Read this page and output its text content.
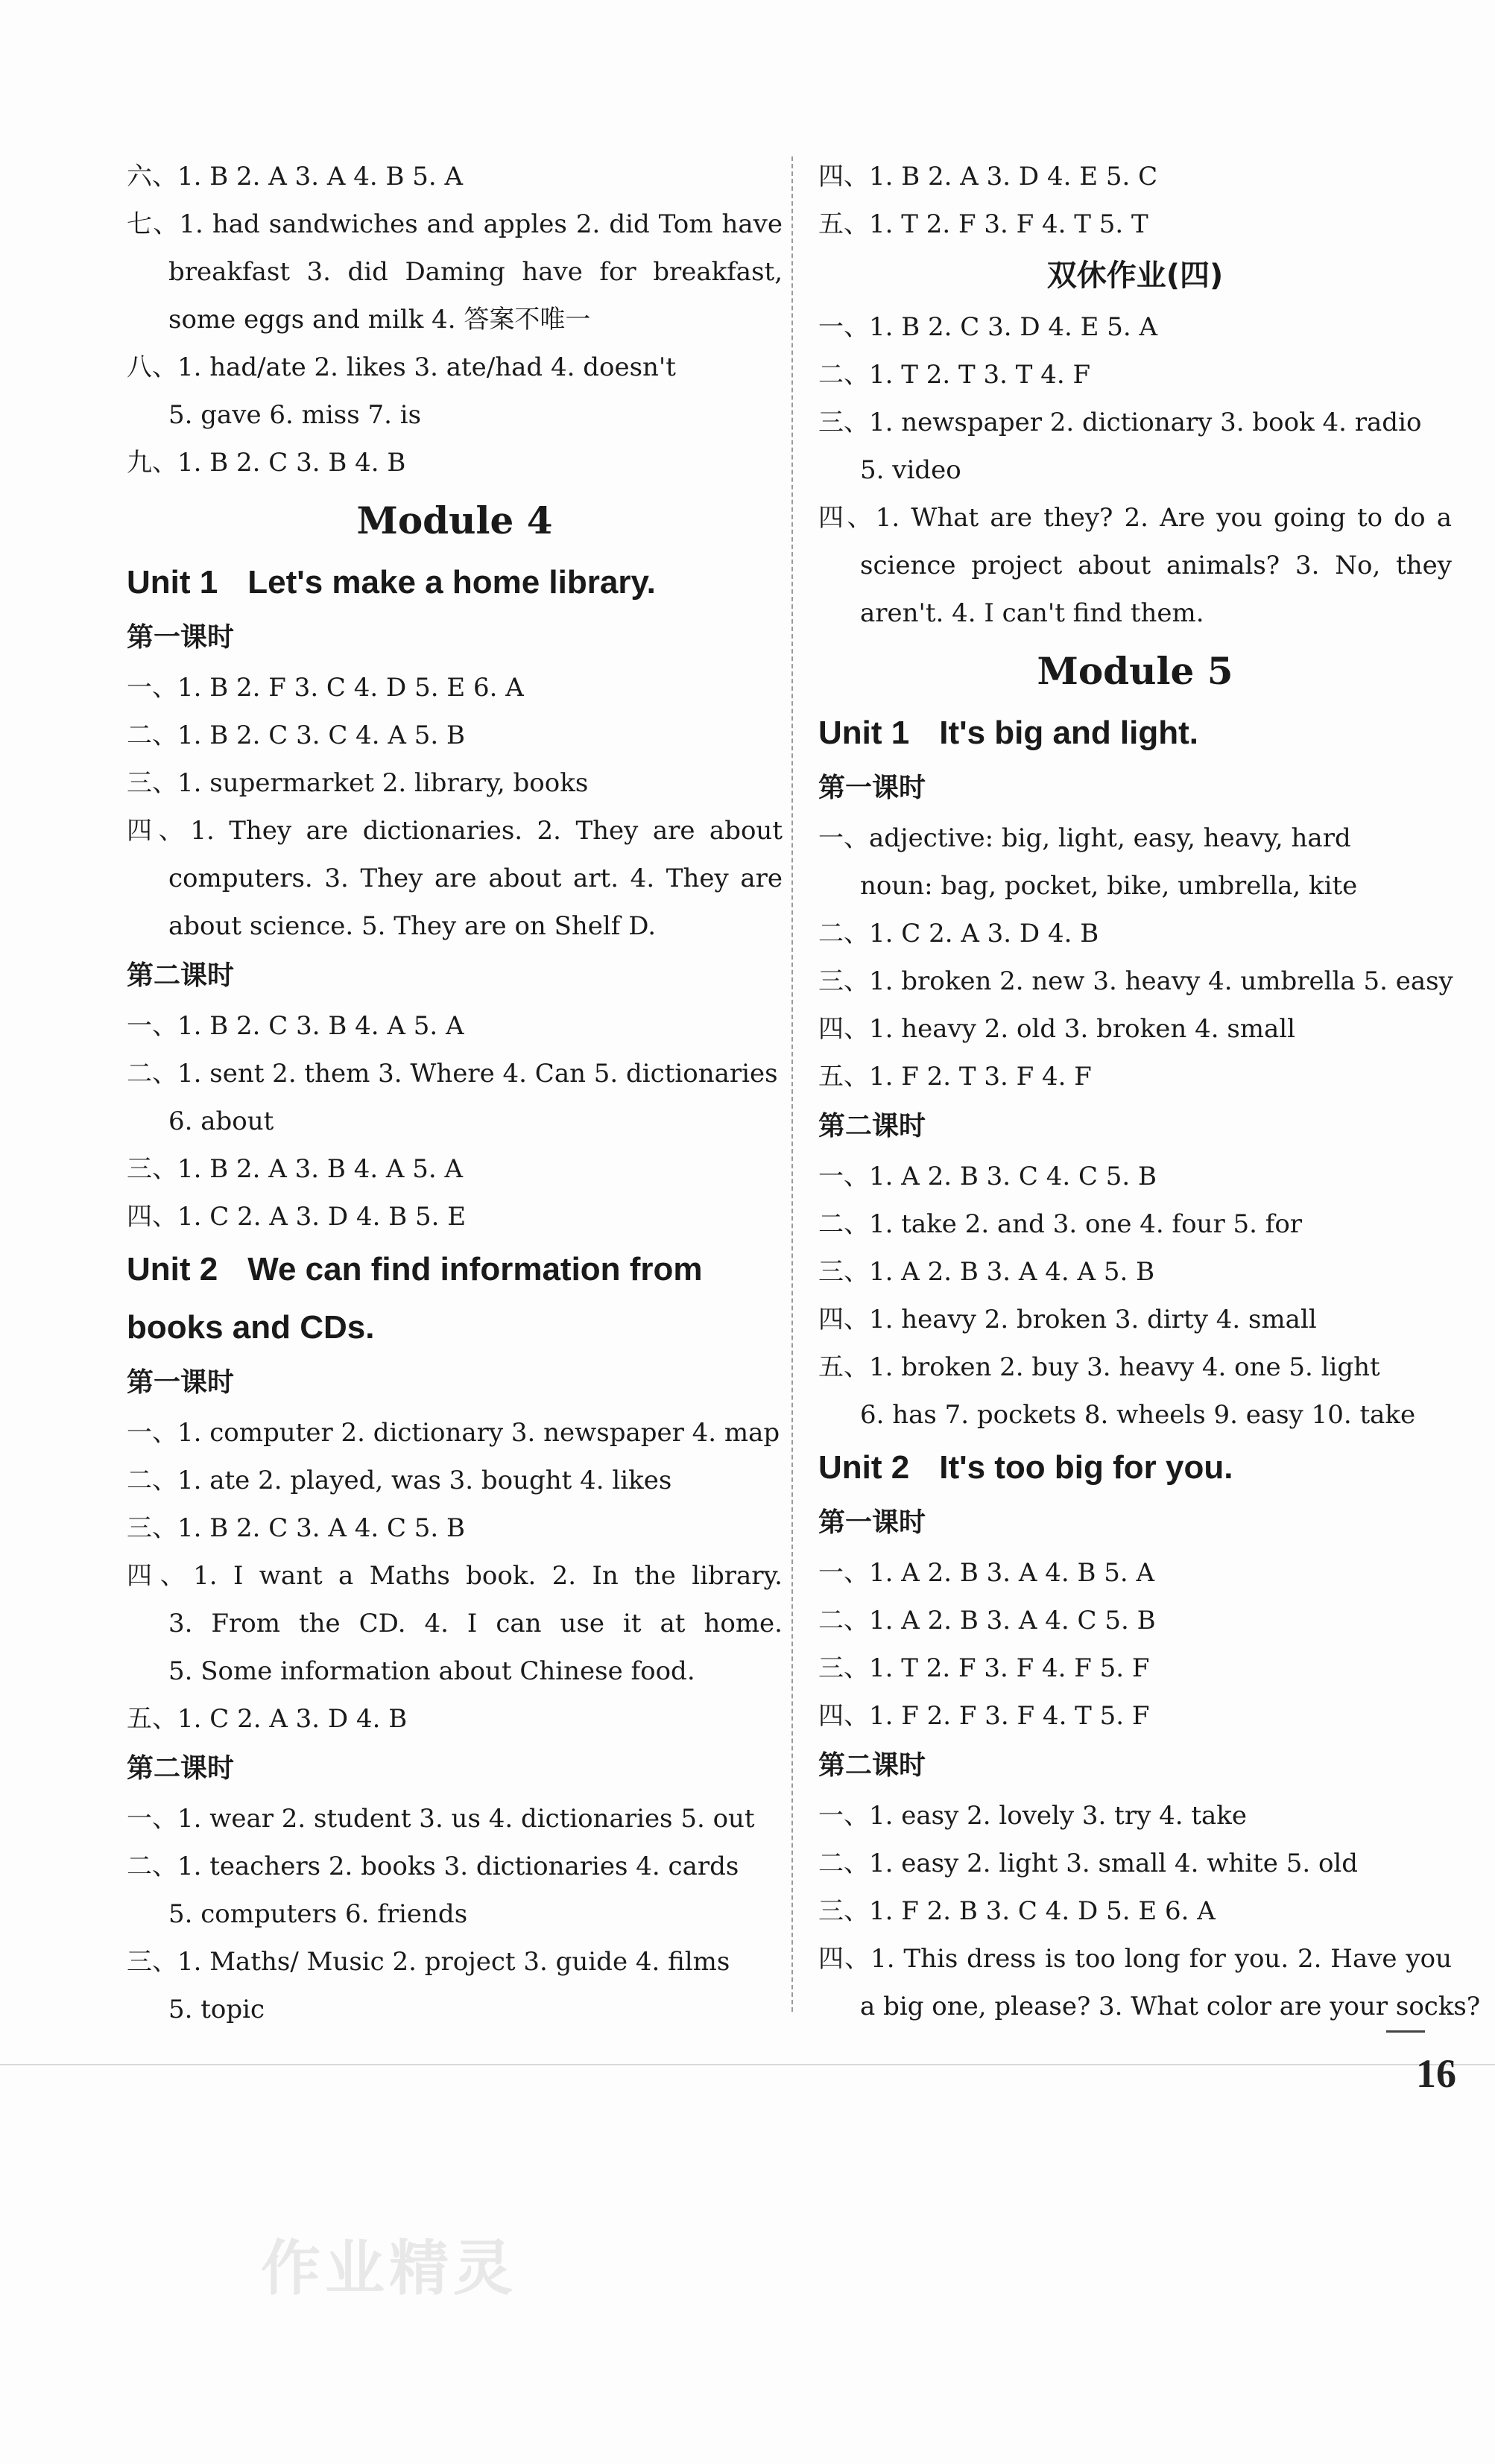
六、1. B 2. A 3. A 4. B 5. A
七、1. had sandwiches and apples 2. did Tom have
breakfast 3. did Daming have for breakfast,
some eggs and milk 4. 答案不唯一
八、1. had/ate 2. likes 3. ate/had 4. doesn't
5. gave 6. miss 7. is
九、1. B 2. C 3. B 4. B
Module 4
Unit 1 Let's make a home library.
第一课时
一、1. B 2. F 3. C 4. D 5. E 6. A
二、1. B 2. C 3. C 4. A 5. B
三、1. supermarket 2. library, books
四、1. They are dictionaries. 2. They are about
computers. 3. They are about art. 4. They are
about science. 5. They are on Shelf D.
第二课时
一、1. B 2. C 3. B 4. A 5. A
二、1. sent 2. them 3. Where 4. Can 5. dictionaries
6. about
三、1. B 2. A 3. B 4. A 5. A
四、1. C 2. A 3. D 4. B 5. E
Unit 2 We can find information from
books and CDs.
第一课时
一、1. computer 2. dictionary 3. newspaper 4. map
二、1. ate 2. played, was 3. bought 4. likes
三、1. B 2. C 3. A 4. C 5. B
四、1. I want a Maths book. 2. In the library.
3. From the CD. 4. I can use it at home.
5. Some information about Chinese food.
五、1. C 2. A 3. D 4. B
第二课时
一、1. wear 2. student 3. us 4. dictionaries 5. out
二、1. teachers 2. books 3. dictionaries 4. cards
5. computers 6. friends
三、1. Maths/ Music 2. project 3. guide 4. films
5. topic
四、1. B 2. A 3. D 4. E 5. C
五、1. T 2. F 3. F 4. T 5. T
双休作业(四)
一、1. B 2. C 3. D 4. E 5. A
二、1. T 2. T 3. T 4. F
三、1. newspaper 2. dictionary 3. book 4. radio
5. video
四、1. What are they? 2. Are you going to do a
science project about animals? 3. No, they
aren't. 4. I can't find them.
Module 5
Unit 1 It's big and light.
第一课时
一、adjective: big, light, easy, heavy, hard
noun: bag, pocket, bike, umbrella, kite
二、1. C 2. A 3. D 4. B
三、1. broken 2. new 3. heavy 4. umbrella 5. easy
四、1. heavy 2. old 3. broken 4. small
五、1. F 2. T 3. F 4. F
第二课时
一、1. A 2. B 3. C 4. C 5. B
二、1. take 2. and 3. one 4. four 5. for
三、1. A 2. B 3. A 4. A 5. B
四、1. heavy 2. broken 3. dirty 4. small
五、1. broken 2. buy 3. heavy 4. one 5. light
6. has 7. pockets 8. wheels 9. easy 10. take
Unit 2 It's too big for you.
第一课时
一、1. A 2. B 3. A 4. B 5. A
二、1. A 2. B 3. A 4. C 5. B
三、1. T 2. F 3. F 4. F 5. F
四、1. F 2. F 3. F 4. T 5. F
第二课时
一、1. easy 2. lovely 3. try 4. take
二、1. easy 2. light 3. small 4. white 5. old
三、1. F 2. B 3. C 4. D 5. E 6. A
四、1. This dress is too long for you. 2. Have you
a big one, please? 3. What color are your socks?
16
作业精灵
